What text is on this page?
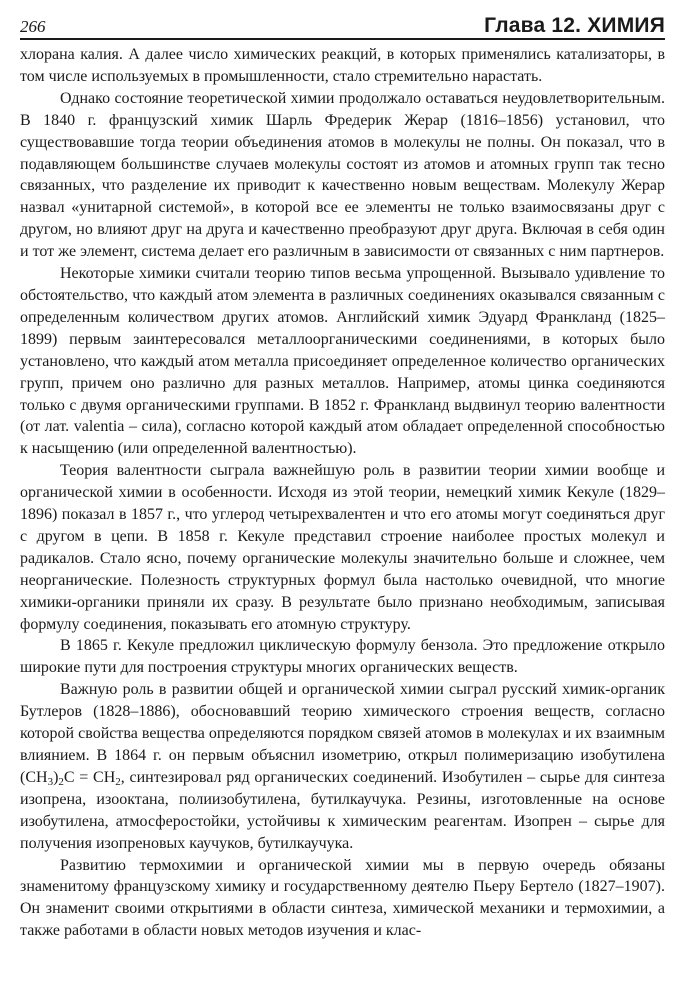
266	Глава 12. ХИМИЯ

хлорана калия. А далее число химических реакций, в которых применялись катализаторы, в том числе используемых в промышленности, стало стремительно нарастать.

Однако состояние теоретической химии продолжало оставаться неудовлетворительным. В 1840 г. французский химик Шарль Фредерик Жерар (1816–1856) установил, что существовавшие тогда теории объединения атомов в молекулы не полны. Он показал, что в подавляющем большинстве случаев молекулы состоят из атомов и атомных групп так тесно связанных, что разделение их приводит к качественно новым веществам. Молекулу Жерар назвал «унитарной системой», в которой все ее элементы не только взаимосвязаны друг с другом, но влияют друг на друга и качественно преобразуют друг друга. Включая в себя один и тот же элемент, система делает его различным в зависимости от связанных с ним партнеров.

Некоторые химики считали теорию типов весьма упрощенной. Вызывало удивление то обстоятельство, что каждый атом элемента в различных соединениях оказывался связанным с определенным количеством других атомов. Английский химик Эдуард Франкланд (1825–1899) первым заинтересовался металлоорганическими соединениями, в которых было установлено, что каждый атом металла присоединяет определенное количество органических групп, причем оно различно для разных металлов. Например, атомы цинка соединяются только с двумя органическими группами. В 1852 г. Франкланд выдвинул теорию валентности (от лат. valentia – сила), согласно которой каждый атом обладает определенной способностью к насыщению (или определенной валентностью).

Теория валентности сыграла важнейшую роль в развитии теории химии вообще и органической химии в особенности. Исходя из этой теории, немецкий химик Кекуле (1829–1896) показал в 1857 г., что углерод четырехвалентен и что его атомы могут соединяться друг с другом в цепи. В 1858 г. Кекуле представил строение наиболее простых молекул и радикалов. Стало ясно, почему органические молекулы значительно больше и сложнее, чем неорганические. Полезность структурных формул была настолько очевидной, что многие химики-органики приняли их сразу. В результате было признано необходимым, записывая формулу соединения, показывать его атомную структуру.

В 1865 г. Кекуле предложил циклическую формулу бензола. Это предложение открыло широкие пути для построения структуры многих органических веществ.

Важную роль в развитии общей и органической химии сыграл русский химик-органик Бутлеров (1828–1886), обосновавший теорию химического строения веществ, согласно которой свойства вещества определяются порядком связей атомов в молекулах и их взаимным влиянием. В 1864 г. он первым объяснил изометрию, открыл полимеризацию изобутилена $(CH_3)_2C = CH_2$, синтезировал ряд органических соединений. Изобутилен – сырье для синтеза изопрена, изооктана, полиизобутилена, бутилкаучука. Резины, изготовленные на основе изобутилена, атмосферостойки, устойчивы к химическим реагентам. Изопрен – сырье для получения изопреновых каучуков, бутилкаучука.

Развитию термохимии и органической химии мы в первую очередь обязаны знаменитому французскому химику и государственному деятелю Пьеру Бертело (1827–1907). Он знаменит своими открытиями в области синтеза, химической механики и термохимии, а также работами в области новых методов изучения и клас-
